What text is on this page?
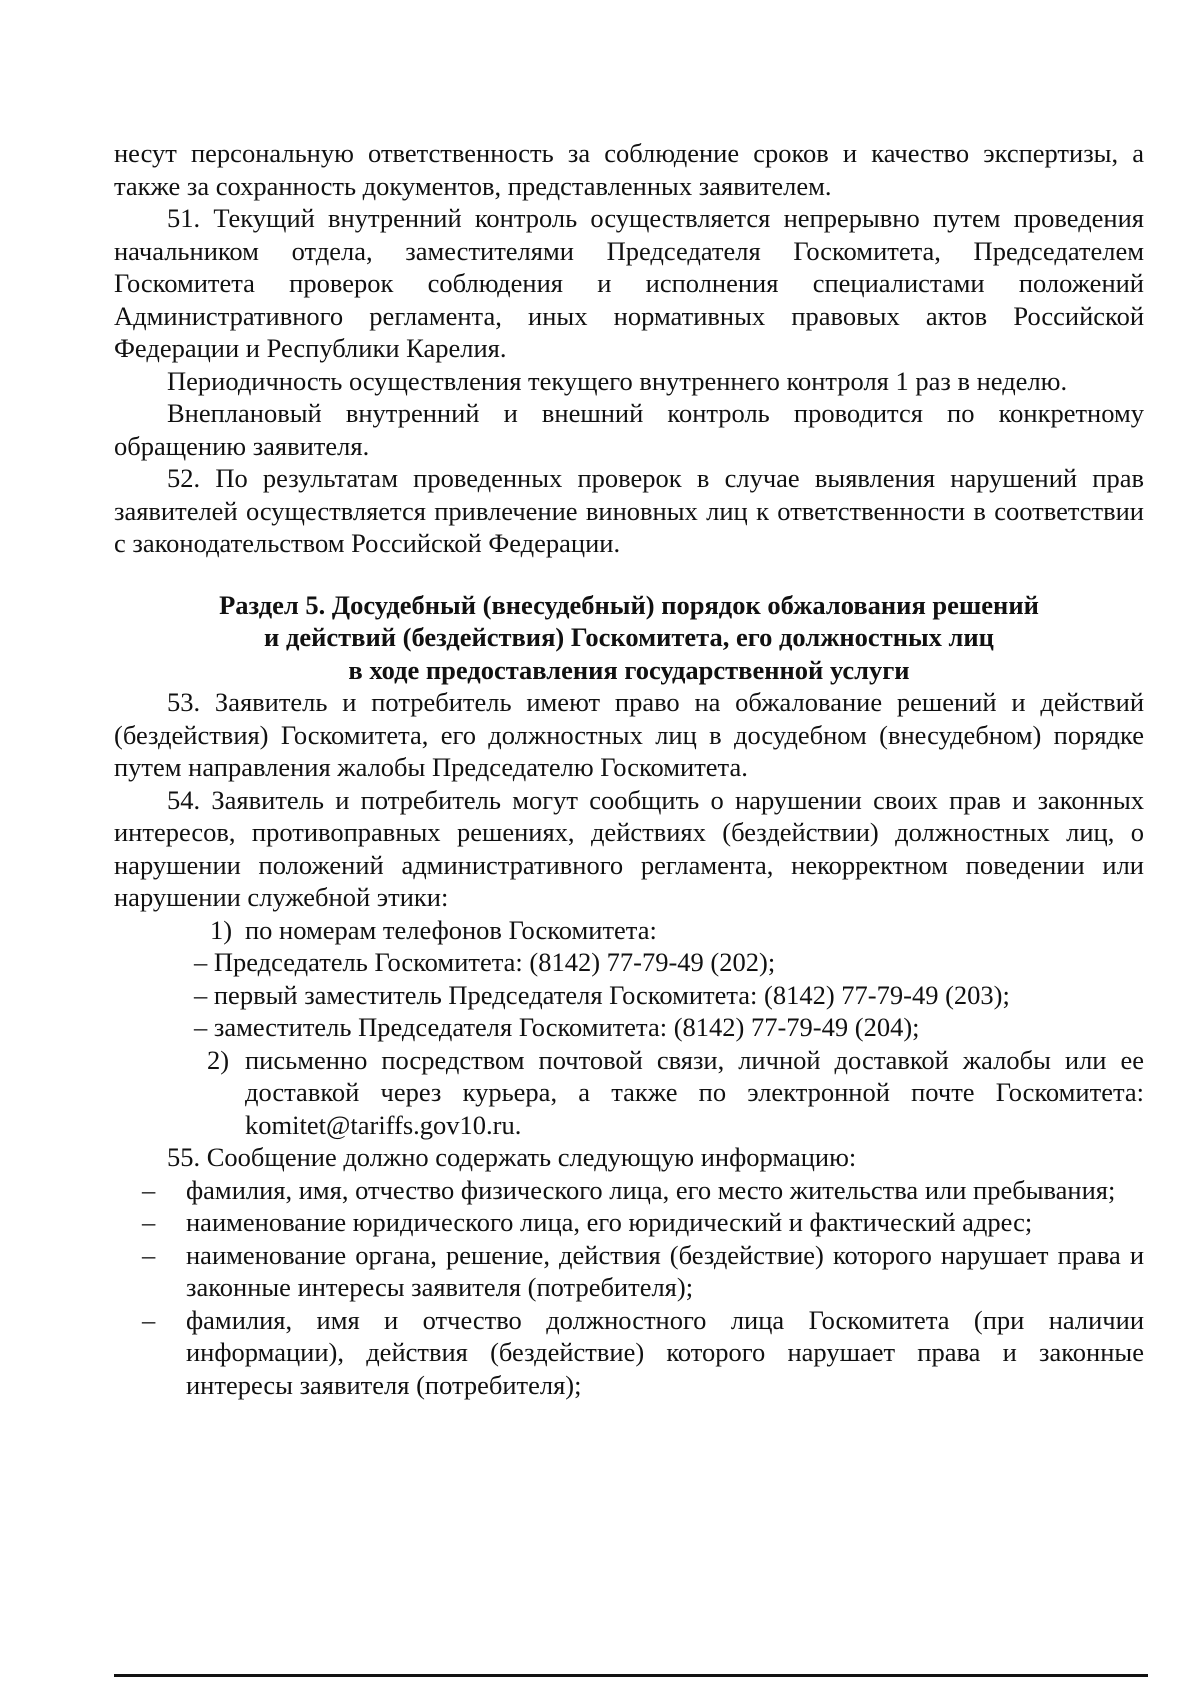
несут персональную ответственность за соблюдение сроков и качество экспертизы, а также за сохранность документов, представленных заявителем.

51. Текущий внутренний контроль осуществляется непрерывно путем проведения начальником отдела, заместителями Председателя Госкомитета, Председателем Госкомитета проверок соблюдения и исполнения специалистами положений Административного регламента, иных нормативных правовых актов Российской Федерации и Республики Карелия.

Периодичность осуществления текущего внутреннего контроля 1 раз в неделю.

Внеплановый внутренний и внешний контроль проводится по конкретному обращению заявителя.

52. По результатам проведенных проверок в случае выявления нарушений прав заявителей осуществляется привлечение виновных лиц к ответственности в соответствии с законодательством Российской Федерации.

Раздел 5. Досудебный (внесудебный) порядок обжалования решений
и действий (бездействия) Госкомитета, его должностных лиц
в ходе предоставления государственной услуги

53. Заявитель и потребитель имеют право на обжалование решений и действий (бездействия) Госкомитета, его должностных лиц в досудебном (внесудебном) порядке путем направления жалобы Председателю Госкомитета.

54. Заявитель и потребитель могут сообщить о нарушении своих прав и законных интересов, противоправных решениях, действиях (бездействии) должностных лиц, о нарушении положений административного регламента, некорректном поведении или нарушении служебной этики:

1) по номерам телефонов Госкомитета:

– Председатель Госкомитета: (8142) 77-79-49 (202);

– первый заместитель Председателя Госкомитета: (8142) 77-79-49 (203);

– заместитель Председателя Госкомитета: (8142) 77-79-49 (204);

2) письменно посредством почтовой связи, личной доставкой жалобы или ее доставкой через курьера, а также по электронной почте Госкомитета: komitet@tariffs.gov10.ru.

55. Сообщение должно содержать следующую информацию:

–	фамилия, имя, отчество физического лица, его место жительства или пребывания;
–	наименование юридического лица, его юридический и фактический адрес;
–	наименование органа, решение, действия (бездействие) которого нарушает права и законные интересы заявителя (потребителя);
–	фамилия, имя и отчество должностного лица Госкомитета (при наличии информации), действия (бездействие) которого нарушает права и законные интересы заявителя (потребителя);
